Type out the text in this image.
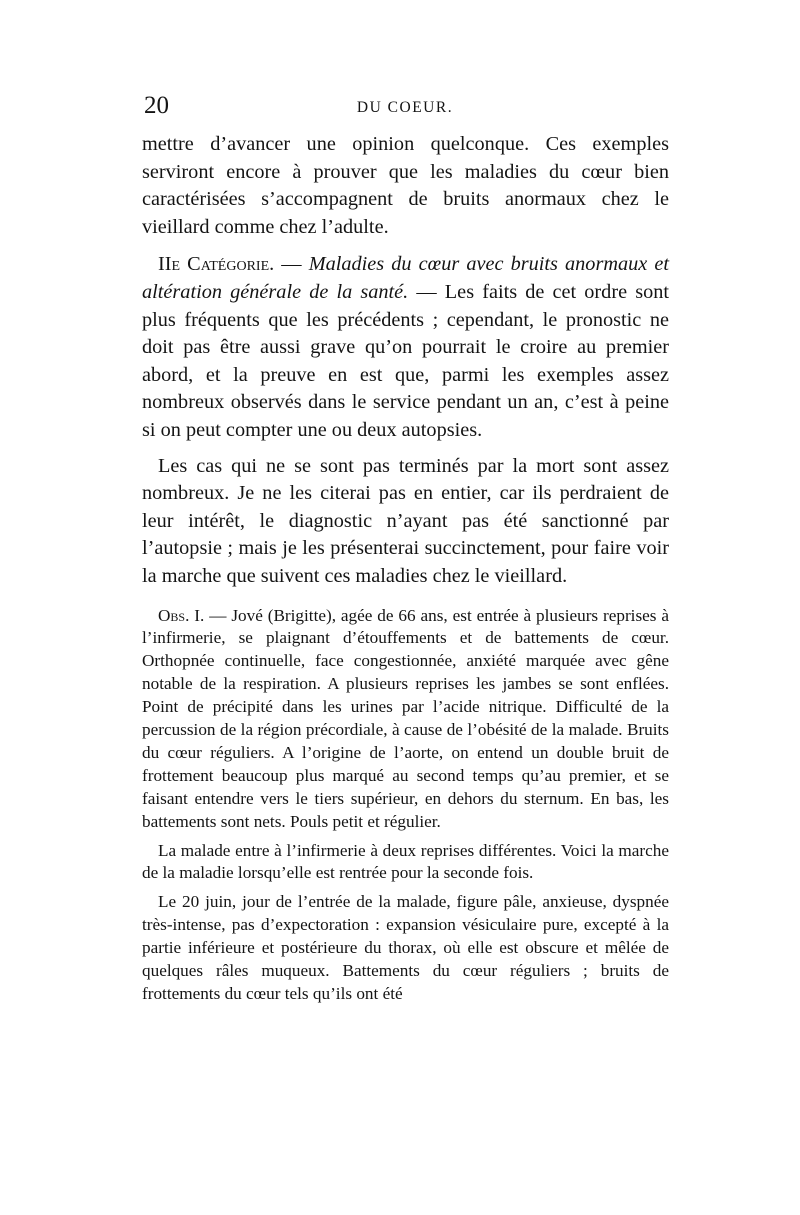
20	DU COEUR.

mettre d’avancer une opinion quelconque. Ces exemples serviront encore à prouver que les maladies du cœur bien caractérisées s’accompagnent de bruits anormaux chez le vieillard comme chez l’adulte.

IIe Catégorie. — Maladies du cœur avec bruits anormaux et altération générale de la santé. — Les faits de cet ordre sont plus fréquents que les précédents ; cependant, le pronostic ne doit pas être aussi grave qu’on pourrait le croire au premier abord, et la preuve en est que, parmi les exemples assez nombreux observés dans le service pendant un an, c’est à peine si on peut compter une ou deux autopsies.

Les cas qui ne se sont pas terminés par la mort sont assez nombreux. Je ne les citerai pas en entier, car ils perdraient de leur intérêt, le diagnostic n’ayant pas été sanctionné par l’autopsie ; mais je les présenterai succinctement, pour faire voir la marche que suivent ces maladies chez le vieillard.

Obs. I. — Jové (Brigitte), agée de 66 ans, est entrée à plusieurs reprises à l’infirmerie, se plaignant d’étouffements et de battements de cœur. Orthopnée continuelle, face congestionnée, anxiété marquée avec gêne notable de la respiration. A plusieurs reprises les jambes se sont enflées. Point de précipité dans les urines par l’acide nitrique. Difficulté de la percussion de la région précordiale, à cause de l’obésité de la malade. Bruits du cœur réguliers. A l’origine de l’aorte, on entend un double bruit de frottement beaucoup plus marqué au second temps qu’au premier, et se faisant entendre vers le tiers supérieur, en dehors du sternum. En bas, les battements sont nets. Pouls petit et régulier.

La malade entre à l’infirmerie à deux reprises différentes. Voici la marche de la maladie lorsqu’elle est rentrée pour la seconde fois.

Le 20 juin, jour de l’entrée de la malade, figure pâle, anxieuse, dyspnée très-intense, pas d’expectoration : expansion vésiculaire pure, excepté à la partie inférieure et postérieure du thorax, où elle est obscure et mêlée de quelques râles muqueux. Battements du cœur réguliers ; bruits de frottements du cœur tels qu’ils ont été
